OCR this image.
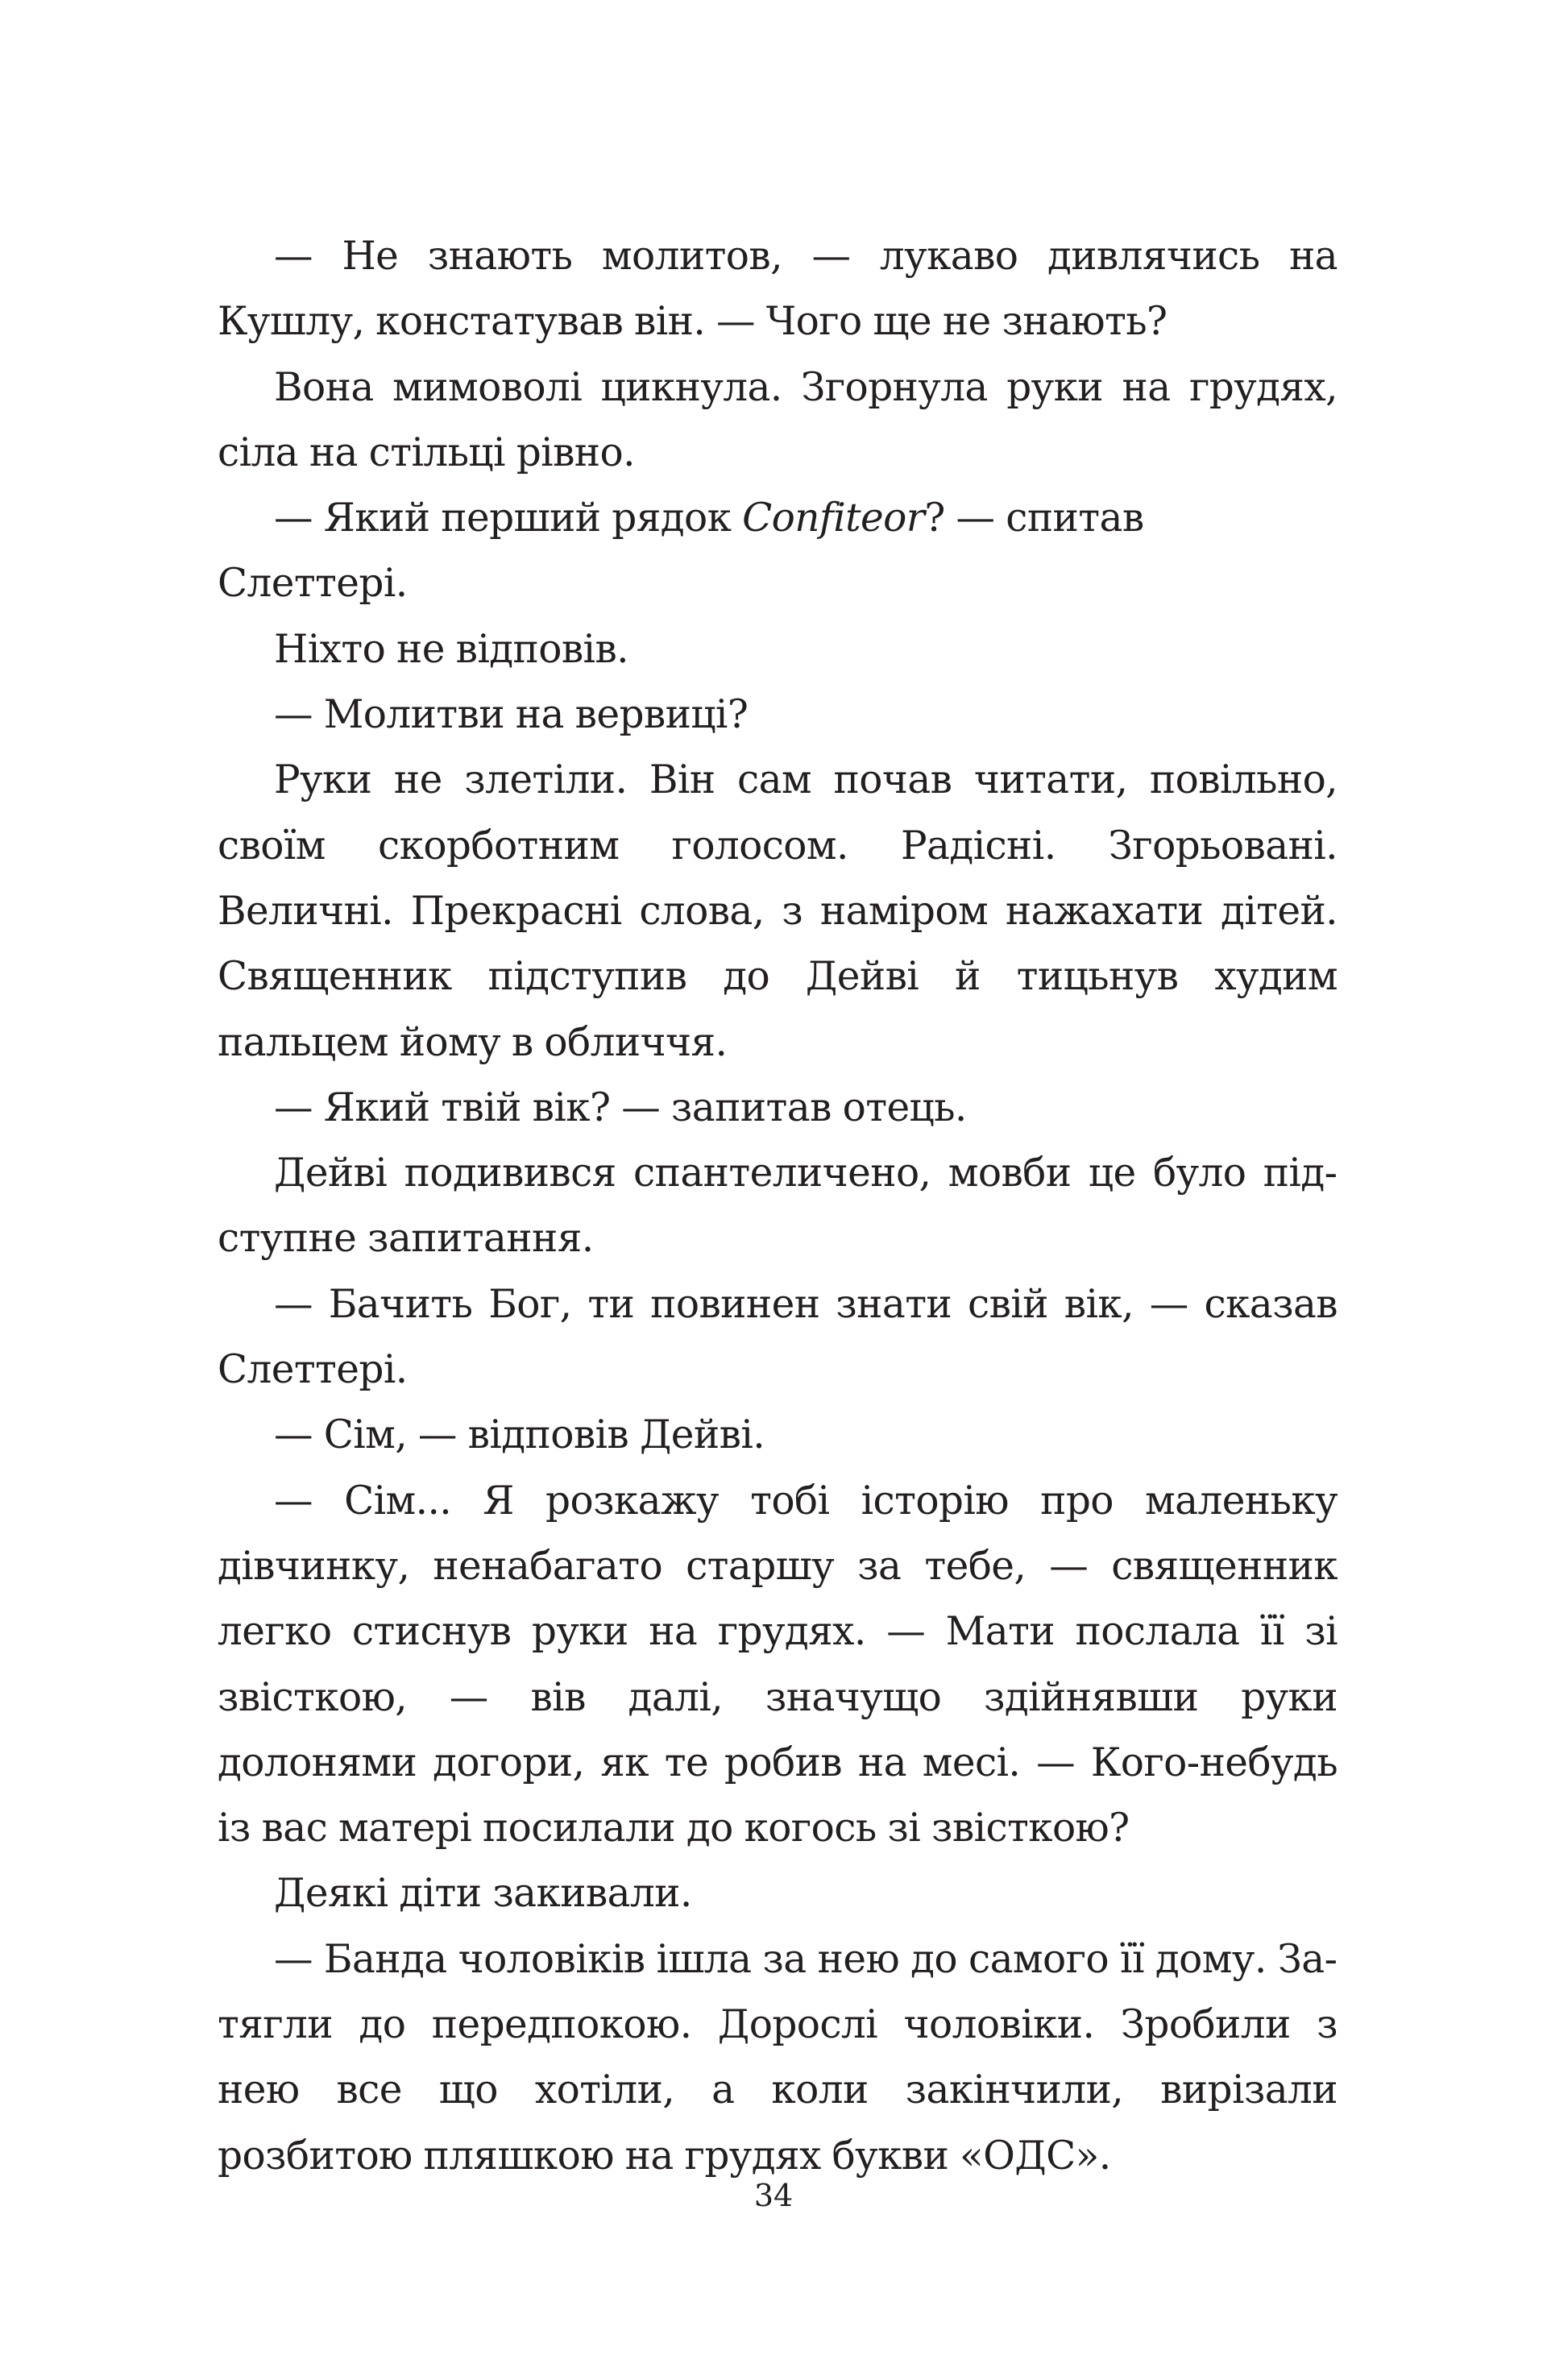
— Не знають молитов, — лукаво дивлячись на Кушлу, констатував він. — Чого ще не знають?

Вона мимоволі цикнула. Згорнула руки на грудях, сіла на стільці рівно.

— Який перший рядок Confiteor? — спитав Слеттері.

Ніхто не відповів.

— Молитви на вервиці?

Руки не злетіли. Він сам почав читати, повільно, своїм скорботним голосом. Радісні. Згорьовані. Величні. Прекрасні слова, з наміром нажахати дітей. Священник підступив до Дейві й тицьнув худим пальцем йому в обличчя.

— Який твій вік? — запитав отець.

Дейві подивився спантеличено, мовби це було підступне запитання.

— Бачить Бог, ти повинен знати свій вік, — сказав Слеттері.

— Сім, — відповів Дейві.

— Сім... Я розкажу тобі історію про маленьку дівчинку, ненабагато старшу за тебе, — священник легко стиснув руки на грудях. — Мати послала її зі звісткою, — вів далі, значущо здійнявши руки долонями догори, як те робив на месі. — Кого-небудь із вас матері посилали до когось зі звісткою?

Деякі діти закивали.

— Банда чоловіків ішла за нею до самого її дому. Затягли до передпокою. Дорослі чоловіки. Зробили з нею все що хотіли, а коли закінчили, вирізали розбитою пляшкою на грудях букви «ОДС».

34
